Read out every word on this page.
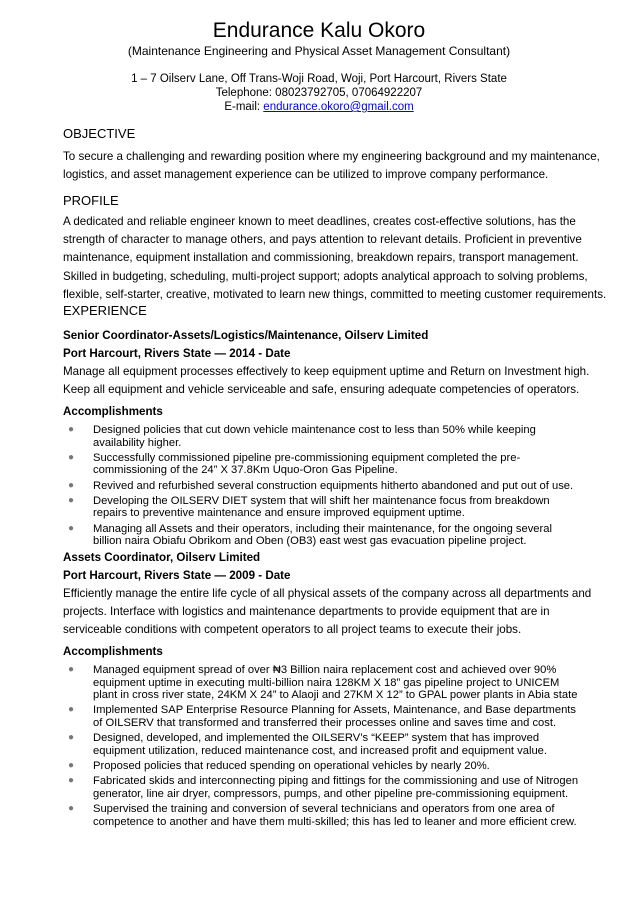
Endurance Kalu Okoro
(Maintenance Engineering and Physical Asset Management Consultant)
1 – 7 Oilserv Lane, Off Trans-Woji Road, Woji, Port Harcourt, Rivers State
Telephone: 08023792705, 07064922207
E-mail: endurance.okoro@gmail.com
OBJECTIVE
To secure a challenging and rewarding position where my engineering background and my maintenance,
logistics, and asset management experience can be utilized to improve company performance.
PROFILE
A dedicated and reliable engineer known to meet deadlines, creates cost-effective solutions, has the
strength of character to manage others, and pays attention to relevant details. Proficient in preventive
maintenance, equipment installation and commissioning, breakdown repairs, transport management.
Skilled in budgeting, scheduling, multi-project support; adopts analytical approach to solving problems,
flexible, self-starter, creative, motivated to learn new things, committed to meeting customer requirements.
EXPERIENCE
Senior Coordinator-Assets/Logistics/Maintenance, Oilserv Limited
Port Harcourt, Rivers State — 2014 - Date
Manage all equipment processes effectively to keep equipment uptime and Return on Investment high.
Keep all equipment and vehicle serviceable and safe, ensuring adequate competencies of operators.
Accomplishments
● Designed policies that cut down vehicle maintenance cost to less than 50% while keeping
availability higher.
● Successfully commissioned pipeline pre-commissioning equipment completed the pre-
commissioning of the 24” X 37.8Km Uquo-Oron Gas Pipeline.
● Revived and refurbished several construction equipments hitherto abandoned and put out of use.
● Developing the OILSERV DIET system that will shift her maintenance focus from breakdown
repairs to preventive maintenance and ensure improved equipment uptime.
● Managing all Assets and their operators, including their maintenance, for the ongoing several
billion naira Obiafu Obrikom and Oben (OB3) east west gas evacuation pipeline project.
Assets Coordinator, Oilserv Limited
Port Harcourt, Rivers State — 2009 - Date
Efficiently manage the entire life cycle of all physical assets of the company across all departments and
projects. Interface with logistics and maintenance departments to provide equipment that are in
serviceable conditions with competent operators to all project teams to execute their jobs.
Accomplishments
● Managed equipment spread of over ₦3 Billion naira replacement cost and achieved over 90%
equipment uptime in executing multi-billion naira 128KM X 18” gas pipeline project to UNICEM
plant in cross river state, 24KM X 24” to Alaoji and 27KM X 12” to GPAL power plants in Abia state
● Implemented SAP Enterprise Resource Planning for Assets, Maintenance, and Base departments
of OILSERV that transformed and transferred their processes online and saves time and cost.
● Designed, developed, and implemented the OILSERV’s “KEEP” system that has improved
equipment utilization, reduced maintenance cost, and increased profit and equipment value.
● Proposed policies that reduced spending on operational vehicles by nearly 20%.
● Fabricated skids and interconnecting piping and fittings for the commissioning and use of Nitrogen
generator, line air dryer, compressors, pumps, and other pipeline pre-commissioning equipment.
● Supervised the training and conversion of several technicians and operators from one area of
competence to another and have them multi-skilled; this has led to leaner and more efficient crew.
